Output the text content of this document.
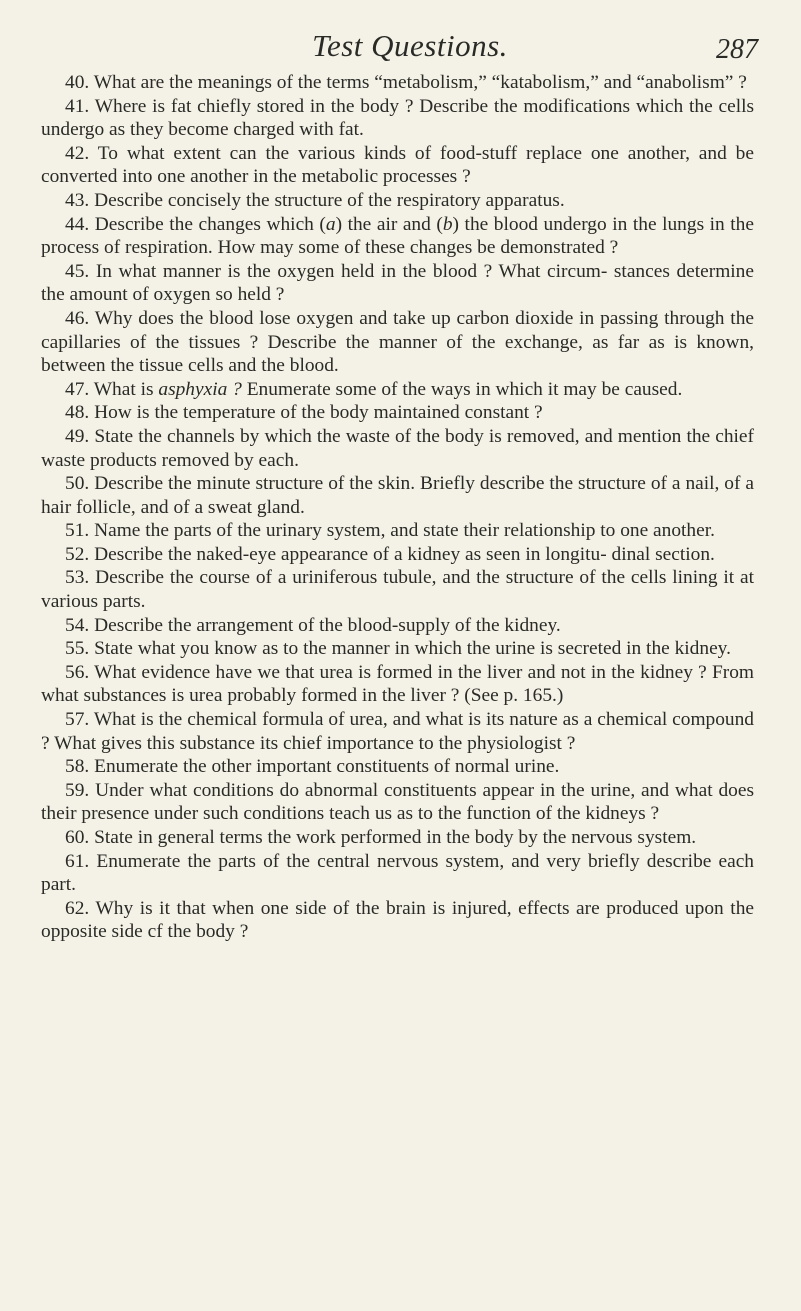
Test Questions.	287

40. What are the meanings of the terms “metabolism,” “katabolism,” and “anabolism” ?

41. Where is fat chiefly stored in the body ? Describe the modifications which the cells undergo as they become charged with fat.

42. To what extent can the various kinds of food-stuff replace one another, and be converted into one another in the metabolic processes ?

43. Describe concisely the structure of the respiratory apparatus.

44. Describe the changes which (a) the air and (b) the blood undergo in the lungs in the process of respiration. How may some of these changes be demonstrated ?

45. In what manner is the oxygen held in the blood ? What circum- stances determine the amount of oxygen so held ?

46. Why does the blood lose oxygen and take up carbon dioxide in passing through the capillaries of the tissues ? Describe the manner of the exchange, as far as is known, between the tissue cells and the blood.

47. What is asphyxia ? Enumerate some of the ways in which it may be caused.

48. How is the temperature of the body maintained constant ?

49. State the channels by which the waste of the body is removed, and mention the chief waste products removed by each.

50. Describe the minute structure of the skin. Briefly describe the structure of a nail, of a hair follicle, and of a sweat gland.

51. Name the parts of the urinary system, and state their relationship to one another.

52. Describe the naked-eye appearance of a kidney as seen in longitu- dinal section.

53. Describe the course of a uriniferous tubule, and the structure of the cells lining it at various parts.

54. Describe the arrangement of the blood-supply of the kidney.

55. State what you know as to the manner in which the urine is secreted in the kidney.

56. What evidence have we that urea is formed in the liver and not in the kidney ? From what substances is urea probably formed in the liver ? (See p. 165.)

57. What is the chemical formula of urea, and what is its nature as a chemical compound ? What gives this substance its chief importance to the physiologist ?

58. Enumerate the other important constituents of normal urine.

59. Under what conditions do abnormal constituents appear in the urine, and what does their presence under such conditions teach us as to the function of the kidneys ?

60. State in general terms the work performed in the body by the nervous system.

61. Enumerate the parts of the central nervous system, and very briefly describe each part.

62. Why is it that when one side of the brain is injured, effects are produced upon the opposite side cf the body ?
